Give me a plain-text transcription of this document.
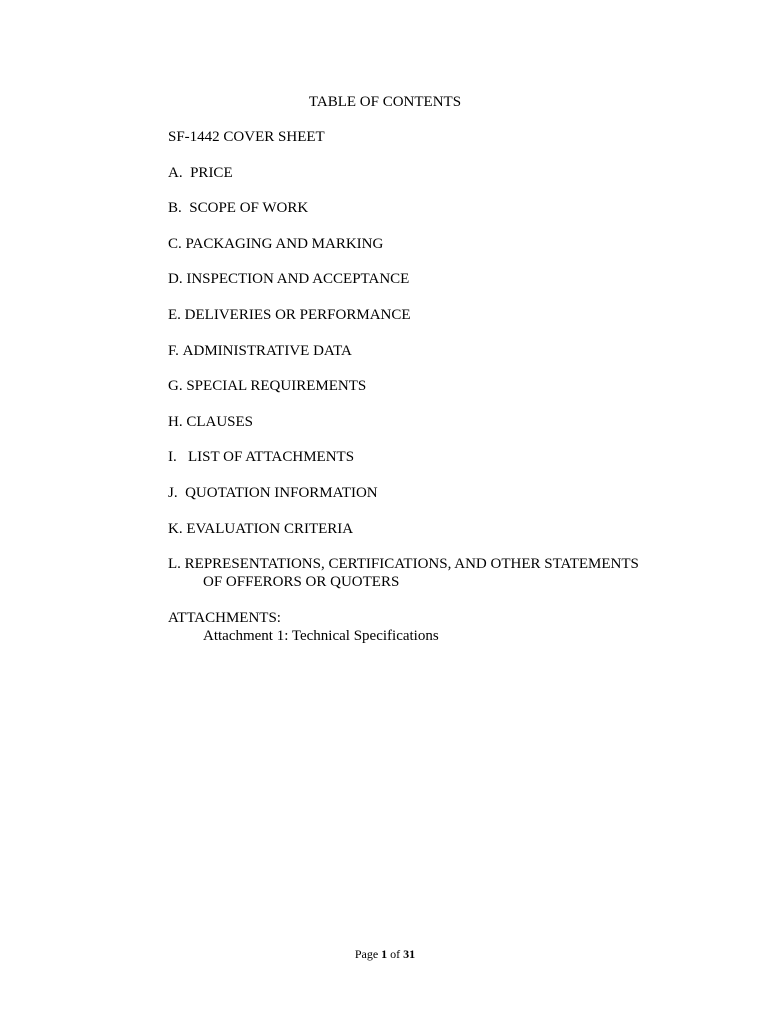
TABLE OF CONTENTS
SF-1442 COVER SHEET
A. PRICE
B. SCOPE OF WORK
C. PACKAGING AND MARKING
D. INSPECTION AND ACCEPTANCE
E. DELIVERIES OR PERFORMANCE
F. ADMINISTRATIVE DATA
G. SPECIAL REQUIREMENTS
H. CLAUSES
I. LIST OF ATTACHMENTS
J. QUOTATION INFORMATION
K. EVALUATION CRITERIA
L. REPRESENTATIONS, CERTIFICATIONS, AND OTHER STATEMENTS
OF OFFERORS OR QUOTERS
ATTACHMENTS:
Attachment 1: Technical Specifications
Page 1 of 31
